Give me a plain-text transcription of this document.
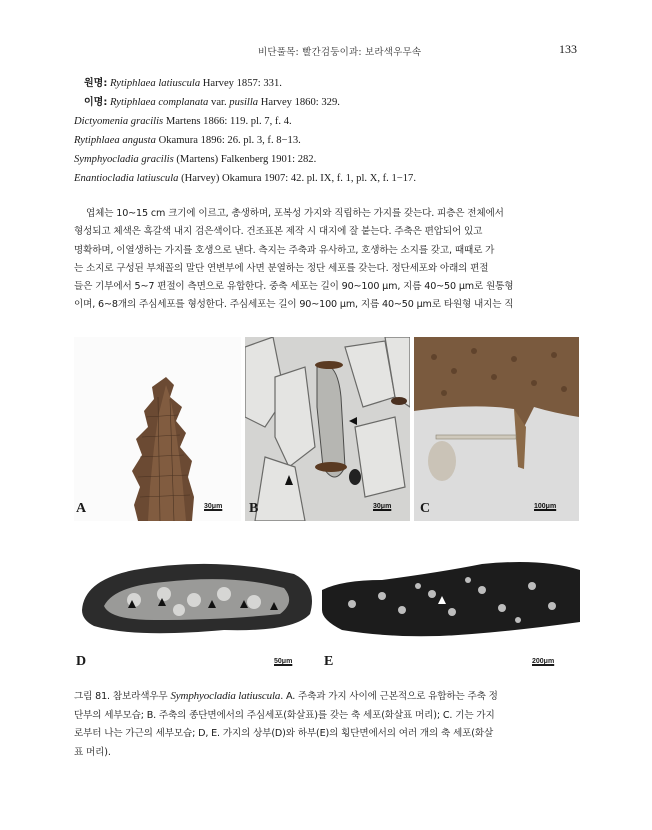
비단풀목: 빨간검둥이과: 보라색우무속	133
원명: Rytiphlaea latiuscula Harvey 1857: 331.
이명: Rytiphlaea complanata var. pusilla Harvey 1860: 329.
Dictyomenia gracilis Martens 1866: 119. pl. 7, f. 4.
Rytiphlaea angusta Okamura 1896: 26. pl. 3, f. 8−13.
Symphyocladia gracilis (Martens) Falkenberg 1901: 282.
Enantiocladia latiuscula (Harvey) Okamura 1907: 42. pl. IX, f. 1, pl. X, f. 1−17.
엽체는 10~15 cm 크기에 이르고, 총생하며, 포복성 가지와 직립하는 가지를 갖는다. 피층은 전체에서
형성되고 체색은 흑갈색 내지 검은색이다. 건조표본 제작 시 대지에 잘 붙는다. 주축은 편압되어 있고
명확하며, 이열생하는 가지를 호생으로 낸다. 측지는 주축과 유사하고, 호생하는 소지를 갖고, 때때로 가
는 소지로 구성된 부채꼴의 말단 연변부에 사면 분열하는 정단 세포를 갖는다. 정단세포와 아래의 편절
들은 기부에서 5~7 편절이 측면으로 유합한다. 중축 세포는 길이 90~100 μm, 지름 40~50 μm로 원통형
이며, 6~8개의 주심세포를 형성한다. 주심세포는 길이 90~100 μm, 지름 40~50 μm로 타원형 내지는 직
A	30μm B	30μm C	100μm
D	50μm E	200μm
그림 81. 참보라색우무 Symphyocladia latiuscula. A. 주축과 가지 사이에 근본적으로 유합하는 주축 정
단부의 세부모습; B. 주축의 종단면에서의 주심세포(화살표)를 갖는 축 세포(화살표 머리); C. 기는 가지
로부터 나는 가근의 세부모습; D, E. 가지의 상부(D)와 하부(E)의 횡단면에서의 여러 개의 축 세포(화살
표 머리).
